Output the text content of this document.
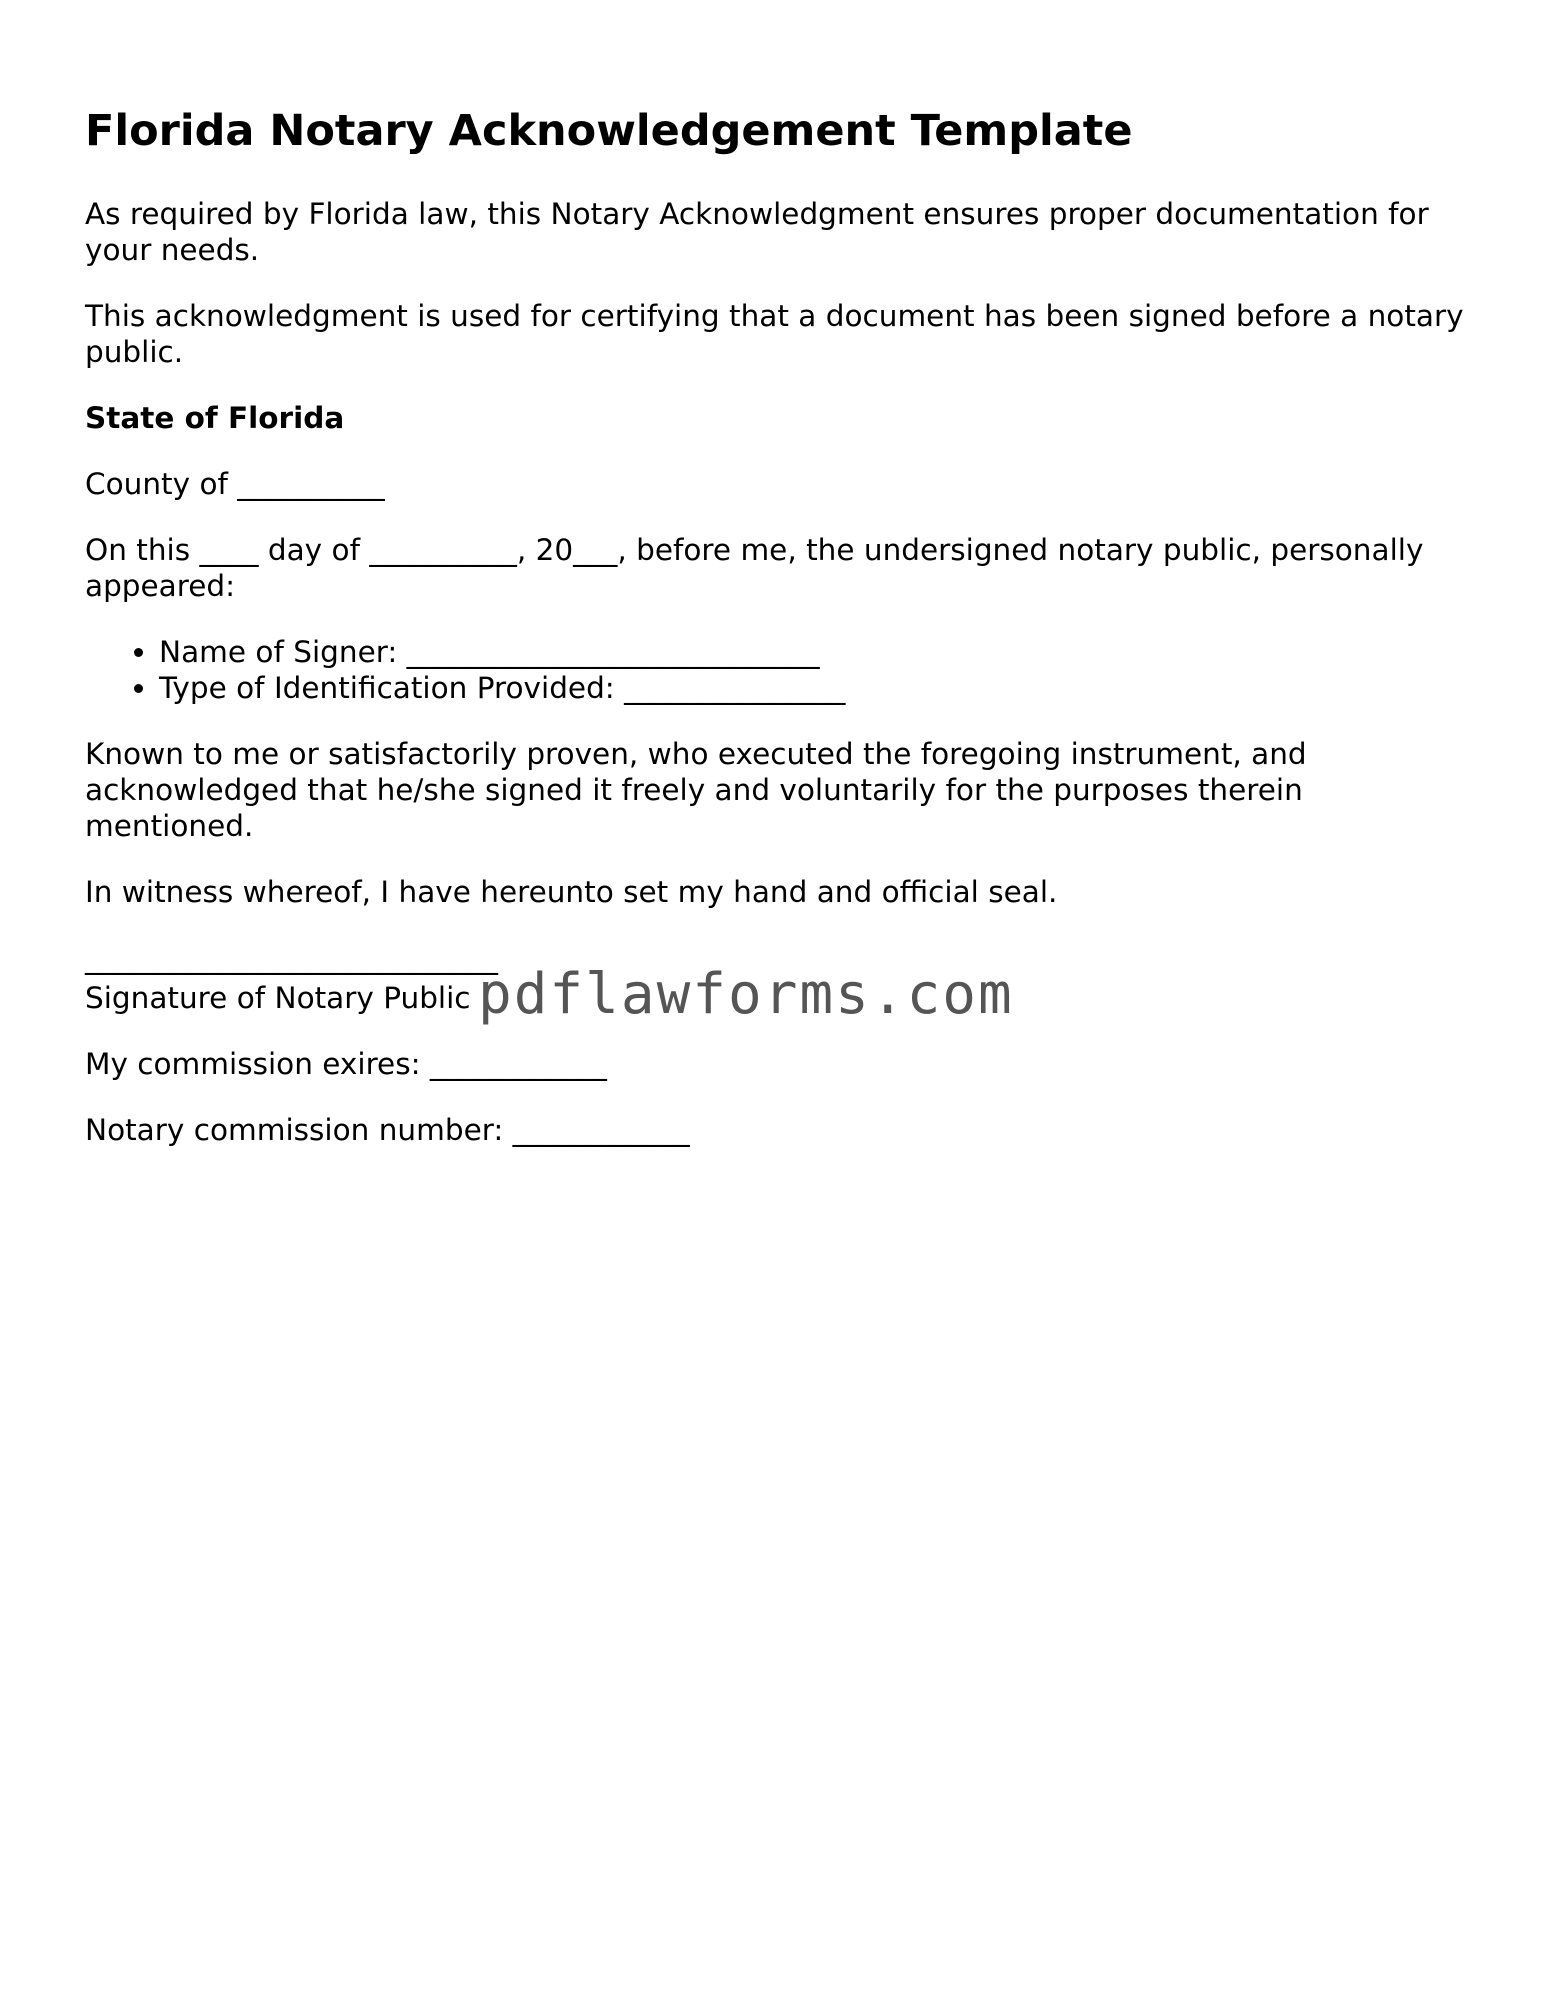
Florida Notary Acknowledgement Template

As required by Florida law, this Notary Acknowledgment ensures proper documentation for your needs.

This acknowledgment is used for certifying that a document has been signed before a notary public.

State of Florida

County of __________

On this ____ day of __________, 20___, before me, the undersigned notary public, personally appeared:

• Name of Signer: ____________________________
• Type of Identification Provided: _______________

Known to me or satisfactorily proven, who executed the foregoing instrument, and acknowledged that he/she signed it freely and voluntarily for the purposes therein mentioned.

In witness whereof, I have hereunto set my hand and official seal.

____________________________

Signature of Notary Public

My commission exires: ____________

Notary commission number: ____________

pdflawforms.com
